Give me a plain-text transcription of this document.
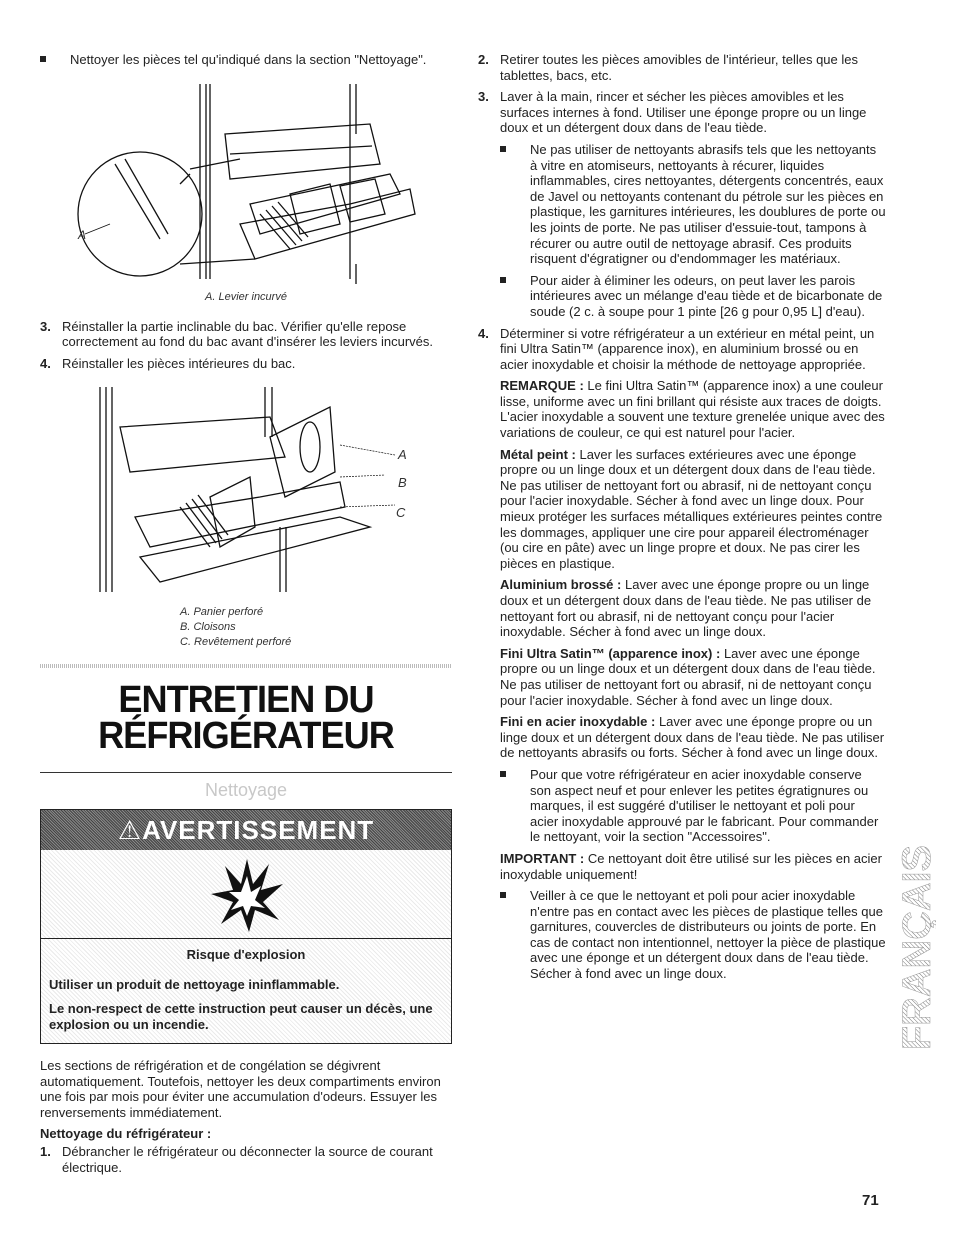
Nettoyer les pièces tel qu'indiqué dans la section "Nettoyage".
A
A. Levier incurvé
3. Réinstaller la partie inclinable du bac. Vérifier qu'elle repose correctement au fond du bac avant d'insérer les leviers incurvés.
4. Réinstaller les pièces intérieures du bac.
A
B
C
A. Panier perforé
B. Cloisons
C. Revêtement perforé
ENTRETIEN DU
RÉFRIGÉRATEUR
Nettoyage
⚠AVERTISSEMENT
Risque d'explosion

Utiliser un produit de nettoyage ininflammable.

Le non-respect de cette instruction peut causer un décès, une explosion ou un incendie.

Les sections de réfrigération et de congélation se dégivrent automatiquement. Toutefois, nettoyer les deux compartiments environ une fois par mois pour éviter une accumulation d'odeurs. Essuyer les renversements immédiatement.

Nettoyage du réfrigérateur :

1. Débrancher le réfrigérateur ou déconnecter la source de courant électrique.
2. Retirer toutes les pièces amovibles de l'intérieur, telles que les tablettes, bacs, etc.
3. Laver à la main, rincer et sécher les pièces amovibles et les surfaces internes à fond. Utiliser une éponge propre ou un linge doux et un détergent doux dans de l'eau tiède.
Ne pas utiliser de nettoyants abrasifs tels que les nettoyants à vitre en atomiseurs, nettoyants à récurer, liquides inflammables, cires nettoyantes, détergents concentrés, eaux de Javel ou nettoyants contenant du pétrole sur les pièces en plastique, les garnitures intérieures, les doublures de porte ou les joints de porte. Ne pas utiliser d'essuie-tout, tampons à récurer ou autre outil de nettoyage abrasif. Ces produits risquent d'égratigner ou d'endommager les matériaux.
Pour aider à éliminer les odeurs, on peut laver les parois intérieures avec un mélange d'eau tiède et de bicarbonate de soude (2 c. à soupe pour 1 pinte [26 g pour 0,95 L] d'eau).
4. Déterminer si votre réfrigérateur a un extérieur en métal peint, un fini Ultra Satin™ (apparence inox), en aluminium brossé ou en acier inoxydable et choisir la méthode de nettoyage appropriée.

REMARQUE : Le fini Ultra Satin™ (apparence inox) a une couleur lisse, uniforme avec un fini brillant qui résiste aux traces de doigts. L'acier inoxydable a souvent une texture grenelée unique avec des variations de couleur, ce qui est naturel pour l'acier.

Métal peint : Laver les surfaces extérieures avec une éponge propre ou un linge doux et un détergent doux dans de l'eau tiède. Ne pas utiliser de nettoyant fort ou abrasif, ni de nettoyant conçu pour l'acier inoxydable. Sécher à fond avec un linge doux. Pour mieux protéger les surfaces métalliques extérieures peintes contre les dommages, appliquer une cire pour appareil électroménager (ou cire en pâte) avec un linge propre et doux. Ne pas cirer les pièces en plastique.

Aluminium brossé : Laver avec une éponge propre ou un linge doux et un détergent doux dans de l'eau tiède. Ne pas utiliser de nettoyant fort ou abrasif, ni de nettoyant conçu pour l'acier inoxydable. Sécher à fond avec un linge doux.

Fini Ultra Satin™ (apparence inox) : Laver avec une éponge propre ou un linge doux et un détergent doux dans de l'eau tiède. Ne pas utiliser de nettoyant fort ou abrasif, ni de nettoyant conçu pour l'acier inoxydable. Sécher à fond avec un linge doux.

Fini en acier inoxydable : Laver avec une éponge propre ou un linge doux et un détergent doux dans de l'eau tiède. Ne pas utiliser de nettoyants abrasifs ou forts. Sécher à fond avec un linge doux.

Pour que votre réfrigérateur en acier inoxydable conserve son aspect neuf et pour enlever les petites égratignures ou marques, il est suggéré d'utiliser le nettoyant et poli pour acier inoxydable approuvé par le fabricant. Pour commander le nettoyant, voir la section "Accessoires".

IMPORTANT : Ce nettoyant doit être utilisé sur les pièces en acier inoxydable uniquement!

Veiller à ce que le nettoyant et poli pour acier inoxydable n'entre pas en contact avec les pièces de plastique telles que garnitures, couvercles de distributeurs ou joints de porte. En cas de contact non intentionnel, nettoyer la pièce de plastique avec une éponge et un détergent doux dans de l'eau tiède. Sécher à fond avec un linge doux.	FRANÇAIS
71
